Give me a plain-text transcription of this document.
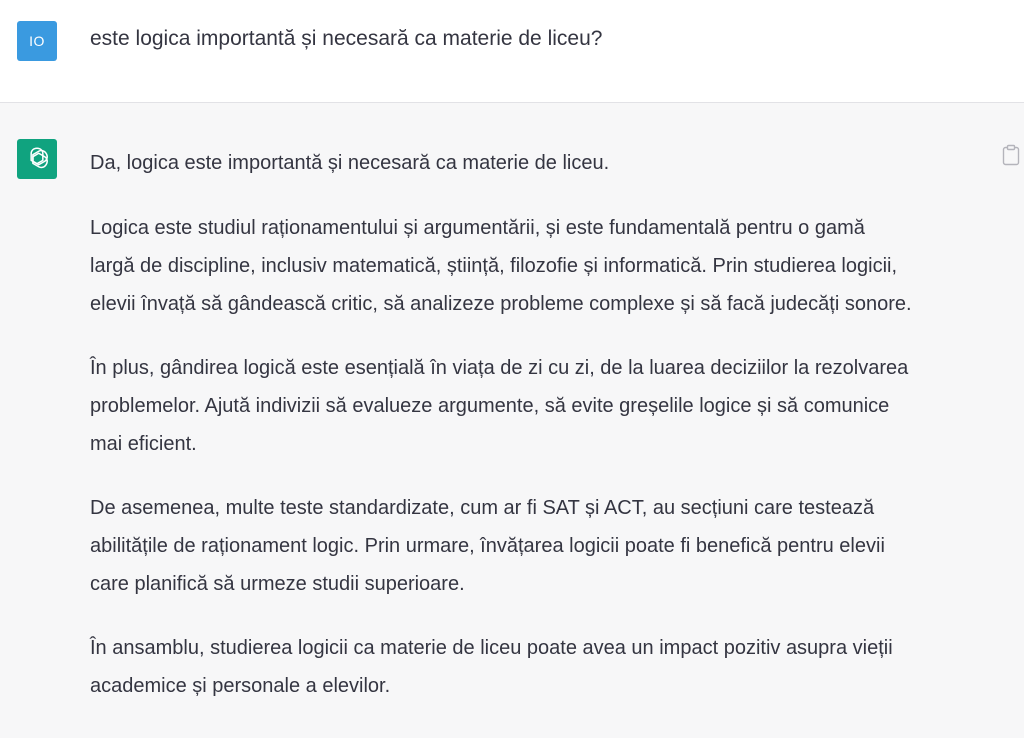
IO	este logica importantă și necesară ca materie de liceu?

Da, logica este importantă și necesară ca materie de liceu.

Logica este studiul raționamentului și argumentării, și este fundamentală pentru o gamă

largă de discipline, inclusiv matematică, știință, filozofie și informatică. Prin studierea logicii,

elevii învață să gândească critic, să analizeze probleme complexe și să facă judecăți sonore.

În plus, gândirea logică este esențială în viața de zi cu zi, de la luarea deciziilor la rezolvarea

problemelor. Ajută indivizii să evalueze argumente, să evite greșelile logice și să comunice

mai eficient.

De asemenea, multe teste standardizate, cum ar fi SAT și ACT, au secțiuni care testează

abilitățile de raționament logic. Prin urmare, învățarea logicii poate fi benefică pentru elevii

care planifică să urmeze studii superioare.

În ansamblu, studierea logicii ca materie de liceu poate avea un impact pozitiv asupra vieții

academice și personale a elevilor.
